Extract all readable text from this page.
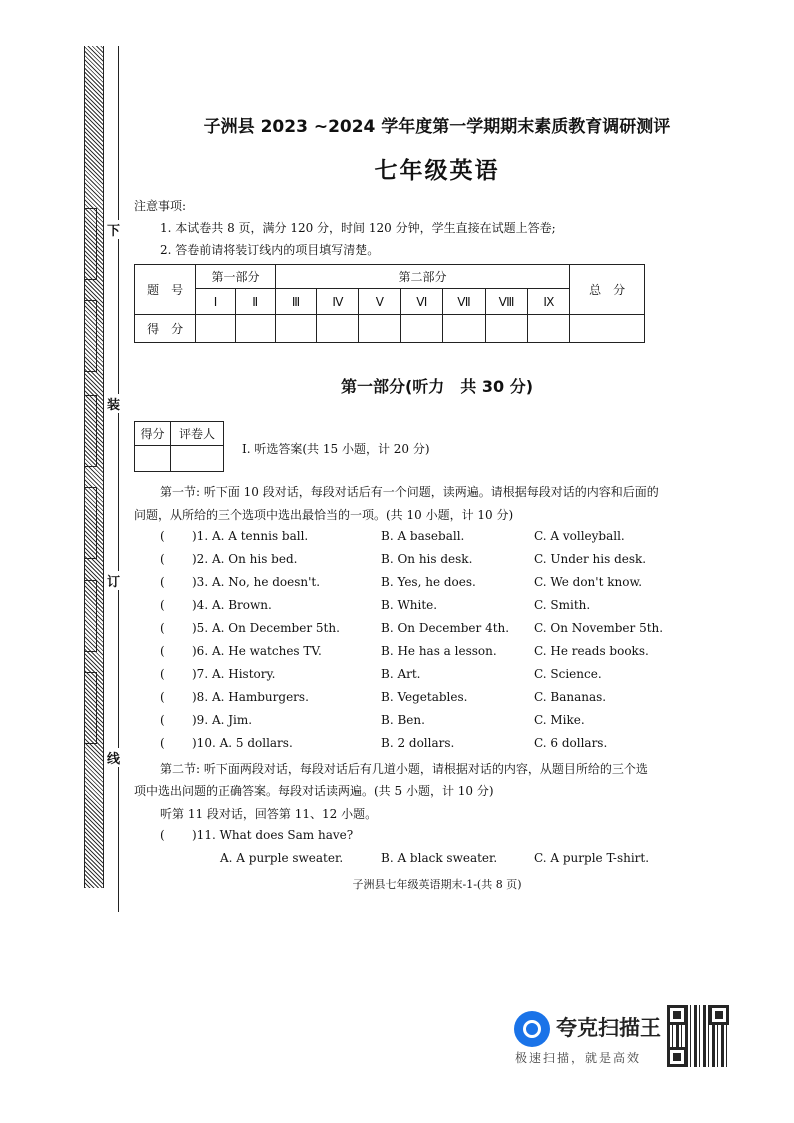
下
装
订
线
子洲县 2023 ~2024 学年度第一学期期末素质教育调研测评
七年级英语
注意事项:
1. 本试卷共 8 页，满分 120 分，时间 120 分钟，学生直接在试题上答卷;
2. 答卷前请将装订线内的项目填写清楚。
题　号	第一部分		第二部分							总　分
	Ⅰ	Ⅱ	Ⅲ	Ⅳ	Ⅴ	Ⅵ	Ⅶ	Ⅷ	Ⅸ	
得　分										
第一部分(听力　共 30 分)
得分	评卷人

Ⅰ. 听选答案(共 15 小题，计 20 分)
第一节: 听下面 10 段对话，每段对话后有一个问题，读两遍。请根据每段对话的内容和后面的
问题，从所给的三个选项中选出最恰当的一项。(共 10 小题，计 10 分)
( )1. A. A tennis ball.	B. A baseball.	C. A volleyball.
( )2. A. On his bed.	B. On his desk.	C. Under his desk.
( )3. A. No, he doesn't.	B. Yes, he does.	C. We don't know.
( )4. A. Brown.	B. White.	C. Smith.
( )5. A. On December 5th.	B. On December 4th. C. On November 5th.
( )6. A. He watches TV.	B. He has a lesson.	C. He reads books.
( )7. A. History.	B. Art.	C. Science.
( )8. A. Hamburgers.	B. Vegetables.	C. Bananas.
( )9. A. Jim.	B. Ben.	C. Mike.
( )10. A. 5 dollars.	B. 2 dollars.	C. 6 dollars.
第二节: 听下面两段对话，每段对话后有几道小题，请根据对话的内容，从题目所给的三个选
项中选出问题的正确答案。每段对话读两遍。(共 5 小题，计 10 分)
听第 11 段对话，回答第 11、12 小题。
( )11. What does Sam have?
A. A purple sweater.	B. A black sweater.	C. A purple T-shirt.
子洲县七年级英语期末-1-(共 8 页)
夸克扫描王
极速扫描，就是高效
